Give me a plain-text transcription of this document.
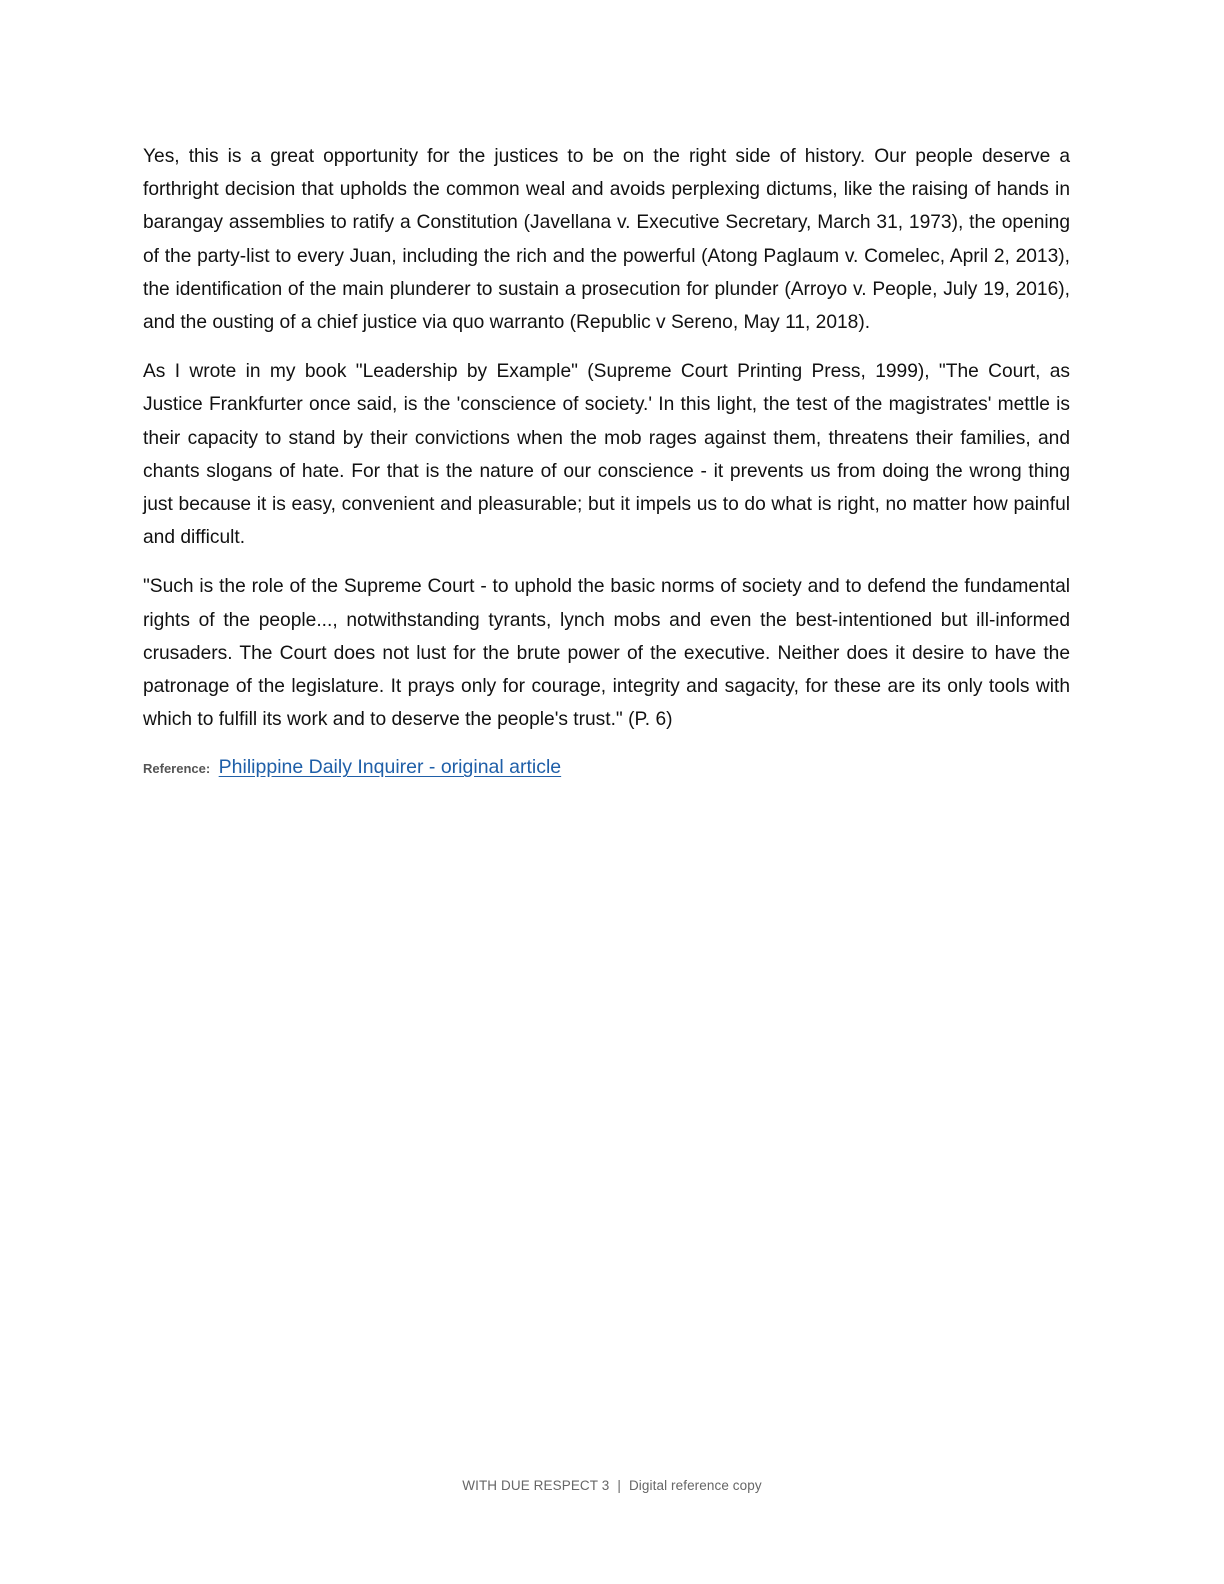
Yes, this is a great opportunity for the justices to be on the right side of history. Our people deserve a forthright decision that upholds the common weal and avoids perplexing dictums, like the raising of hands in barangay assemblies to ratify a Constitution (Javellana v. Executive Secretary, March 31, 1973), the opening of the party-list to every Juan, including the rich and the powerful (Atong Paglaum v. Comelec, April 2, 2013), the identification of the main plunderer to sustain a prosecution for plunder (Arroyo v. People, July 19, 2016), and the ousting of a chief justice via quo warranto (Republic v Sereno, May 11, 2018).

As I wrote in my book "Leadership by Example" (Supreme Court Printing Press, 1999), "The Court, as Justice Frankfurter once said, is the 'conscience of society.' In this light, the test of the magistrates' mettle is their capacity to stand by their convictions when the mob rages against them, threatens their families, and chants slogans of hate. For that is the nature of our conscience - it prevents us from doing the wrong thing just because it is easy, convenient and pleasurable; but it impels us to do what is right, no matter how painful and difficult.

"Such is the role of the Supreme Court - to uphold the basic norms of society and to defend the fundamental rights of the people..., notwithstanding tyrants, lynch mobs and even the best-intentioned but ill-informed crusaders. The Court does not lust for the brute power of the executive. Neither does it desire to have the patronage of the legislature. It prays only for courage, integrity and sagacity, for these are its only tools with which to fulfill its work and to deserve the people's trust." (P. 6)

Reference: Philippine Daily Inquirer - original article
WITH DUE RESPECT 3 | Digital reference copy
